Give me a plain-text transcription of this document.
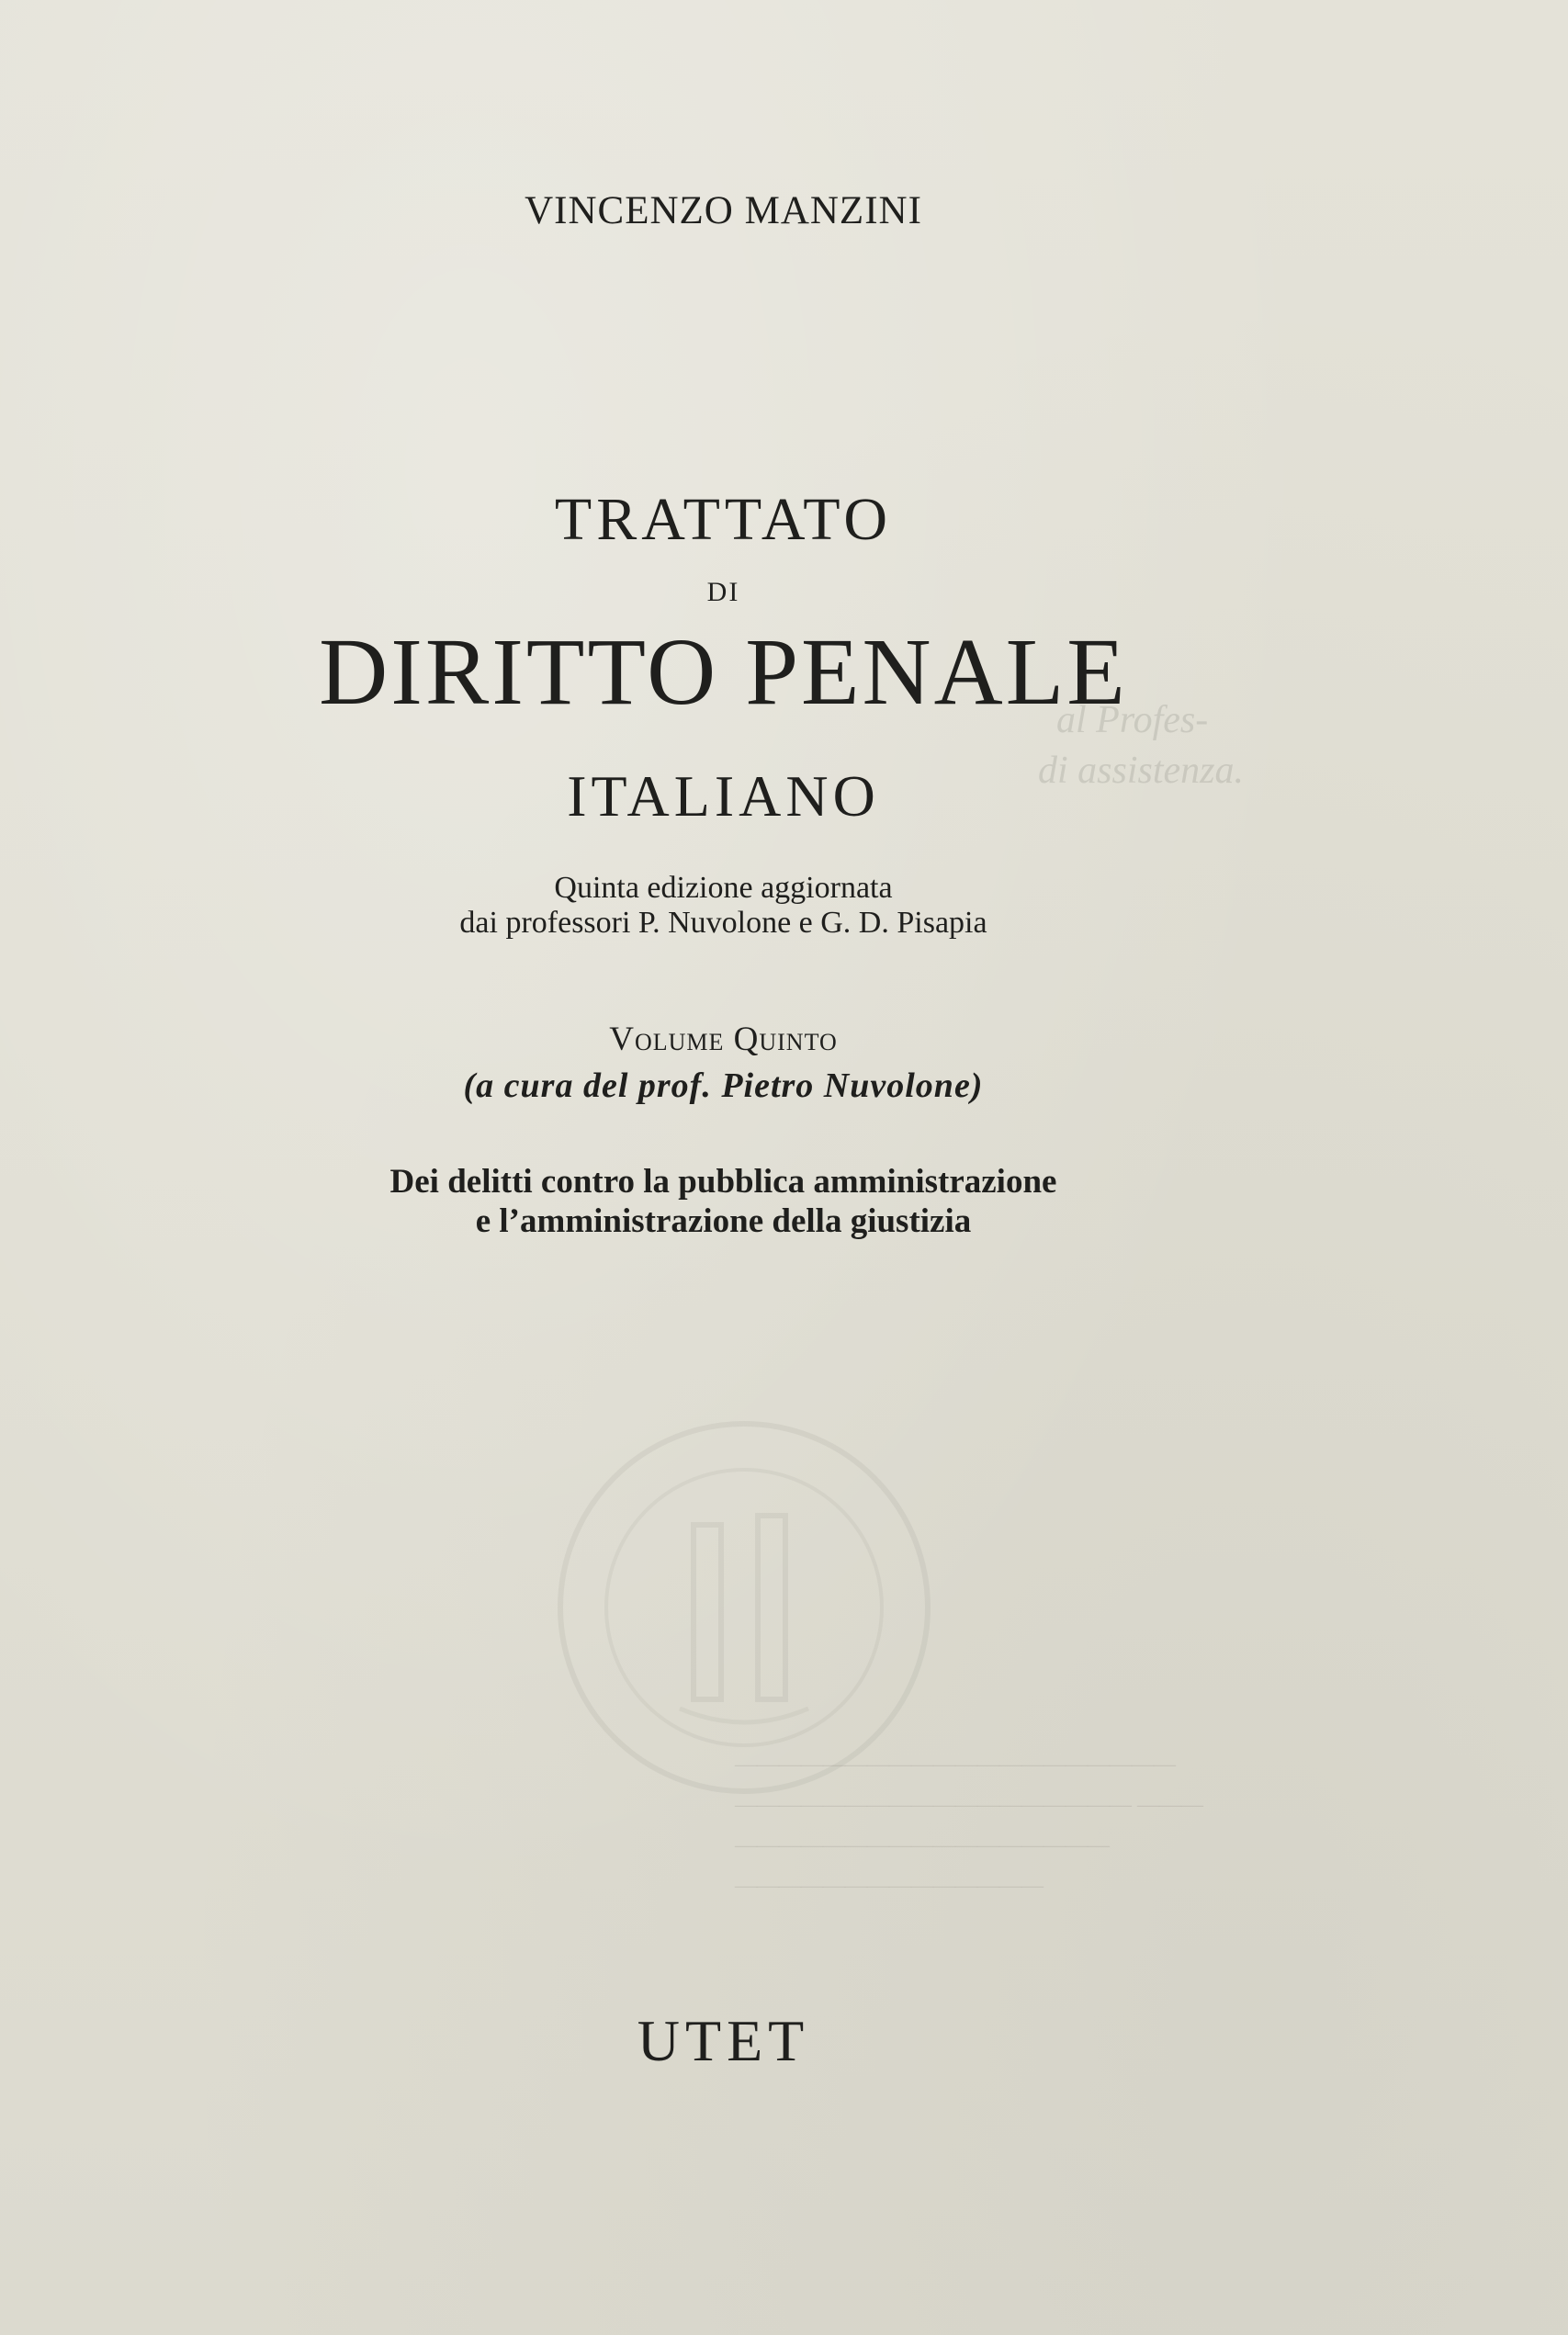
al Profes-
di assistenza.

————————————————————

—————————————————— ———

—————————————————

——————————————

VINCENZO MANZINI
TRATTATO
DI
DIRITTO PENALE
ITALIANO
Quinta edizione aggiornata
dai professori P. Nuvolone e G. D. Pisapia
Volume Quinto
(a cura del prof. Pietro Nuvolone)
Dei delitti contro la pubblica amministrazione
e l’amministrazione della giustizia
UTET
